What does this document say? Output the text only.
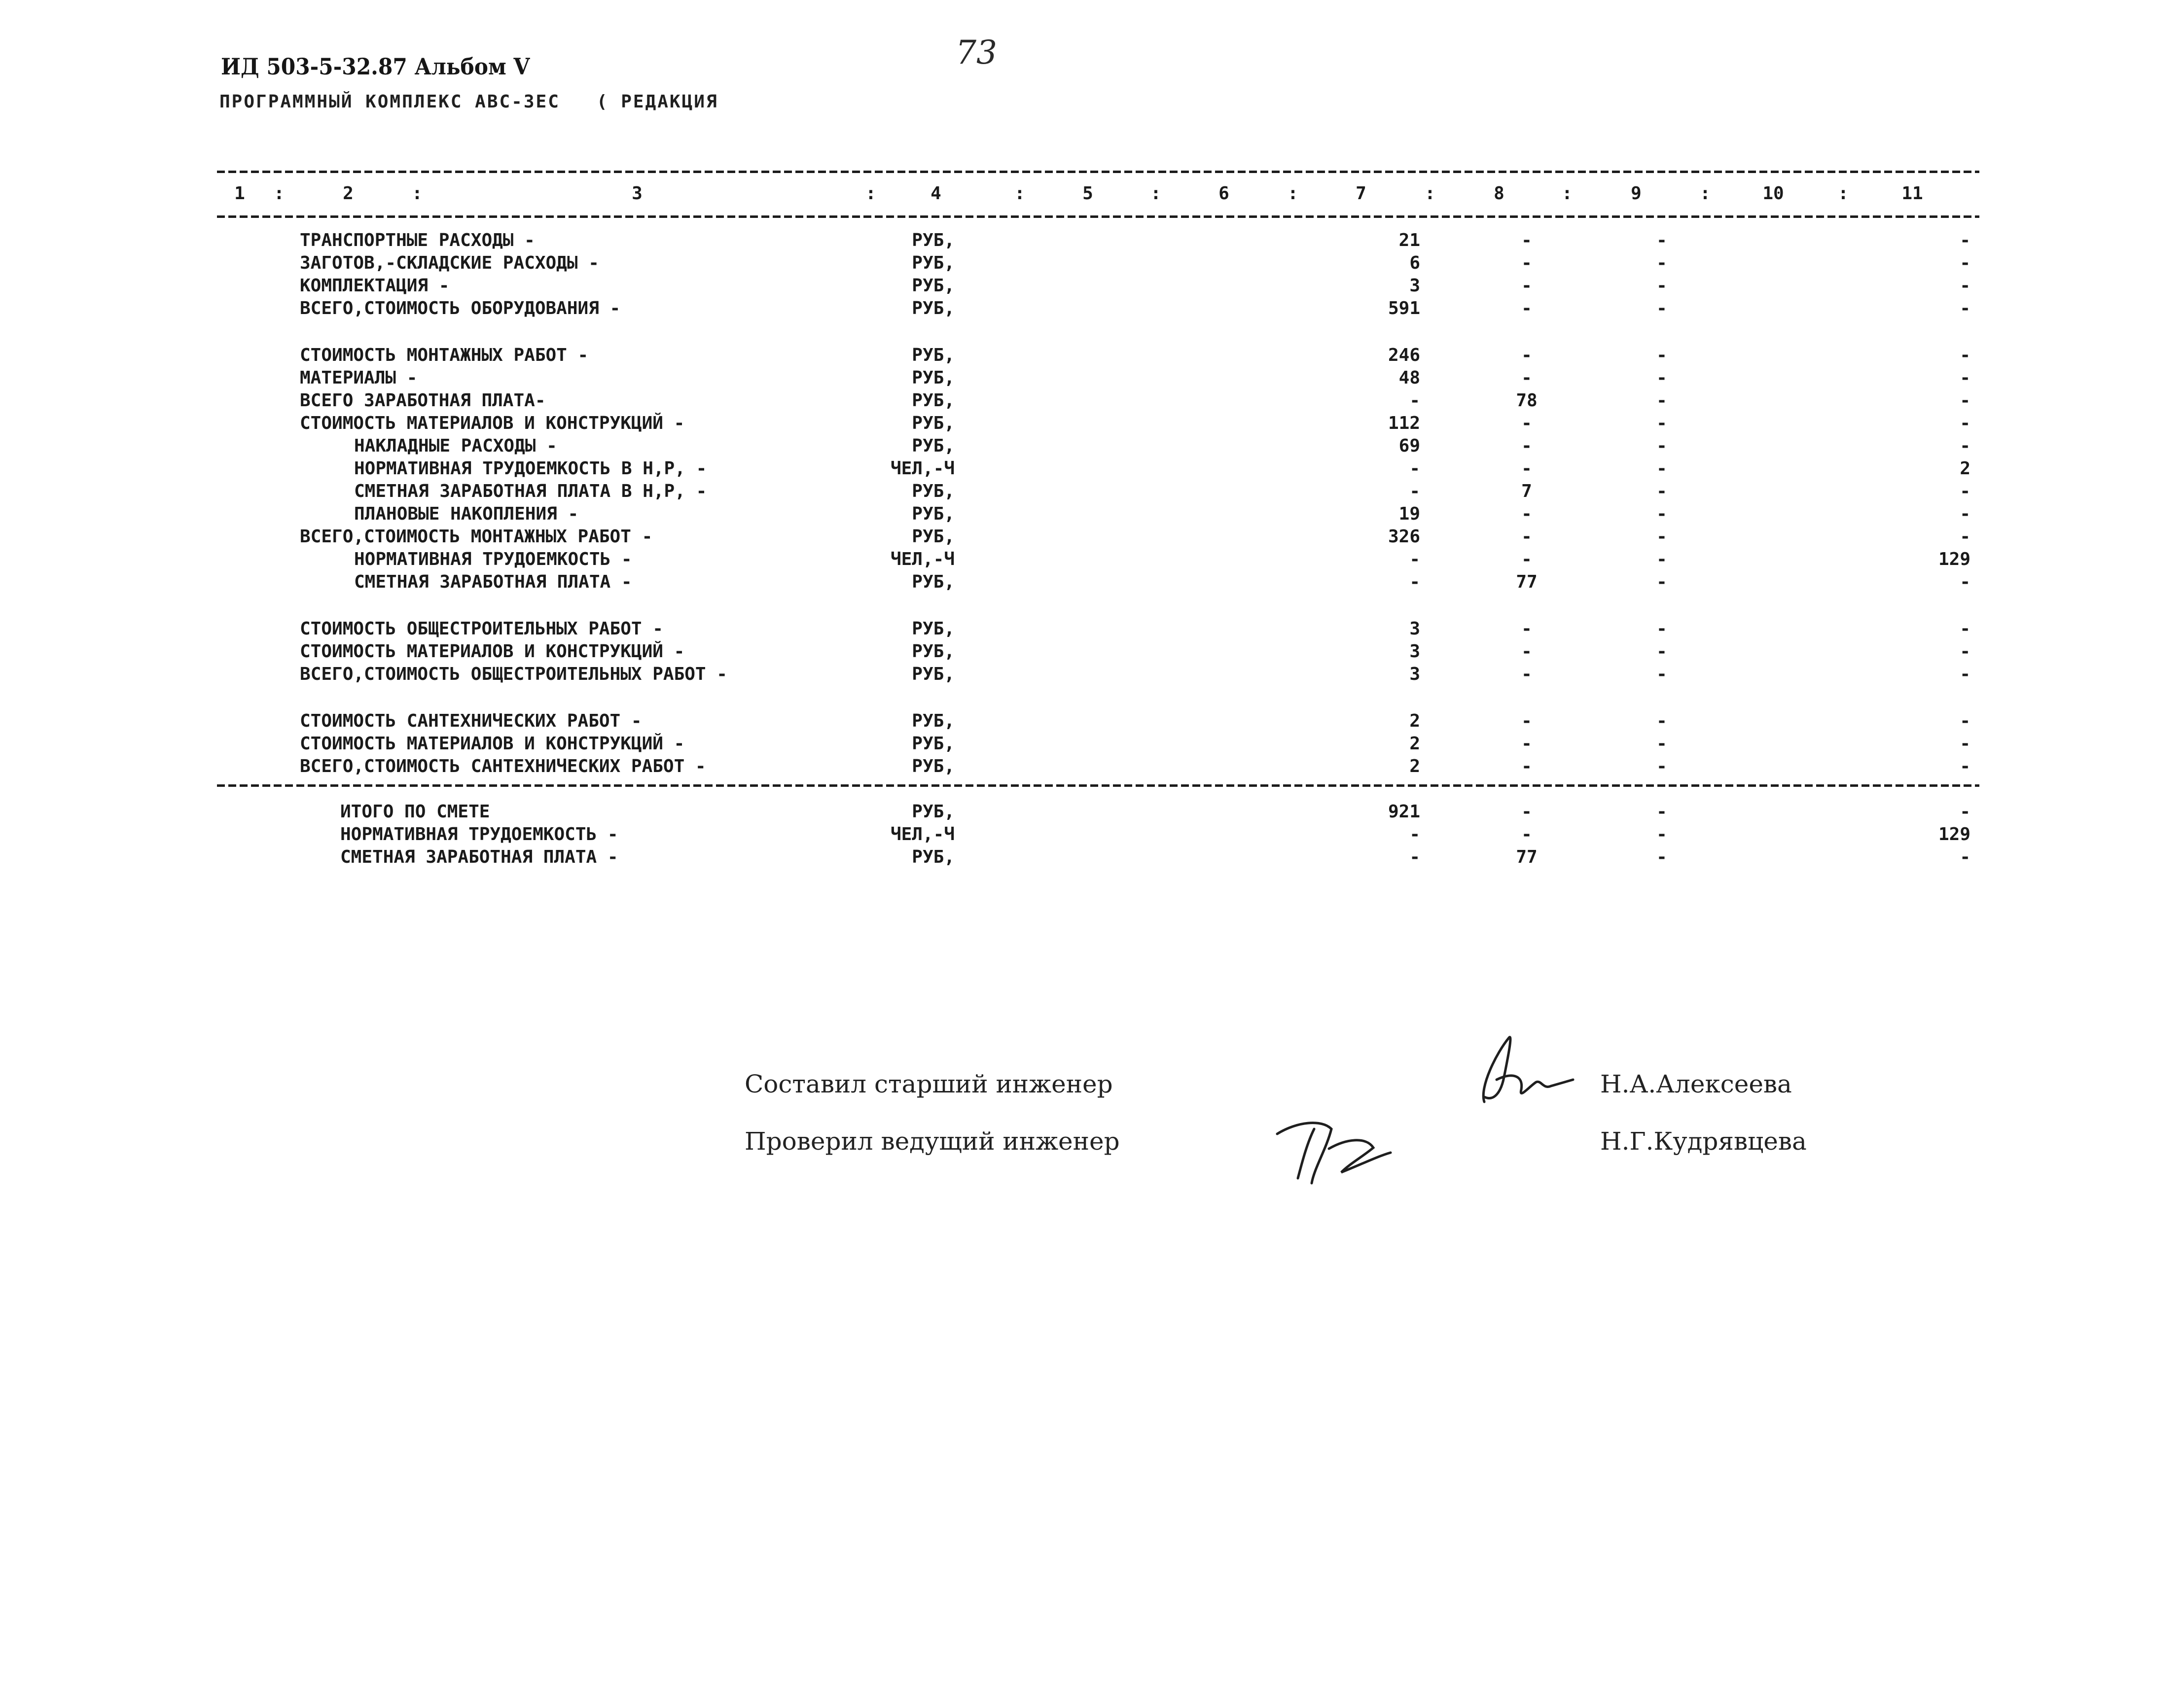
ИД 503-5-32.87 Альбом V
ПРОГРАММНЫЙ КОМПЛЕКС АВС-3ЕС   ( РЕДАКЦИЯ
73
1 :	2	:	3	:	4	:	5	:	6	:	7	:	8	:	9	:	10	:	11
ТРАНСПОРТНЫЕ РАСХОДЫ -	РУБ,	21	-	-	-
ЗАГОТОВ,-СКЛАДСКИЕ РАСХОДЫ -	РУБ,	6	-	-	-
КОМПЛЕКТАЦИЯ -	РУБ,	3	-	-	-
ВСЕГО,СТОИМОСТЬ ОБОРУДОВАНИЯ -	РУБ,	591	-	-	-
СТОИМОСТЬ МОНТАЖНЫХ РАБОТ -	РУБ,	246	-	-	-
МАТЕРИАЛЫ -	РУБ,	48	-	-	-
ВСЕГО ЗАРАБОТНАЯ ПЛАТА-	РУБ,	-	78	-	-
СТОИМОСТЬ МАТЕРИАЛОВ И КОНСТРУКЦИЙ -	РУБ,	112	-	-	-
НАКЛАДНЫЕ РАСХОДЫ -	РУБ,	69	-	-	-
НОРМАТИВНАЯ ТРУДОЕМКОСТЬ В Н,Р, -	ЧЕЛ,-Ч	-	-	-	2
СМЕТНАЯ ЗАРАБОТНАЯ ПЛАТА В Н,Р, -	РУБ,	-	7	-	-
ПЛАНОВЫЕ НАКОПЛЕНИЯ -	РУБ,	19	-	-	-
ВСЕГО,СТОИМОСТЬ МОНТАЖНЫХ РАБОТ -	РУБ,	326	-	-	-
НОРМАТИВНАЯ ТРУДОЕМКОСТЬ -	ЧЕЛ,-Ч	-	-	-	129
СМЕТНАЯ ЗАРАБОТНАЯ ПЛАТА -	РУБ,	-	77	-	-
СТОИМОСТЬ ОБЩЕСТРОИТЕЛЬНЫХ РАБОТ -	РУБ,	3	-	-	-
СТОИМОСТЬ МАТЕРИАЛОВ И КОНСТРУКЦИЙ -	РУБ,	3	-	-	-
ВСЕГО,СТОИМОСТЬ ОБЩЕСТРОИТЕЛЬНЫХ РАБОТ -	РУБ,	3	-	-	-
СТОИМОСТЬ САНТЕХНИЧЕСКИХ РАБОТ -	РУБ,	2	-	-	-
СТОИМОСТЬ МАТЕРИАЛОВ И КОНСТРУКЦИЙ -	РУБ,	2	-	-	-
ВСЕГО,СТОИМОСТЬ САНТЕХНИЧЕСКИХ РАБОТ -	РУБ,	2	-	-	-
ИТОГО ПО СМЕТЕ	РУБ,	921	-	-	-
НОРМАТИВНАЯ ТРУДОЕМКОСТЬ -	ЧЕЛ,-Ч	-	-	-	129
СМЕТНАЯ ЗАРАБОТНАЯ ПЛАТА -	РУБ,	-	77	-	-
Составил старший инженер	Н.А.Алексеева
Проверил ведущий инженер	Н.Г.Кудрявцева
